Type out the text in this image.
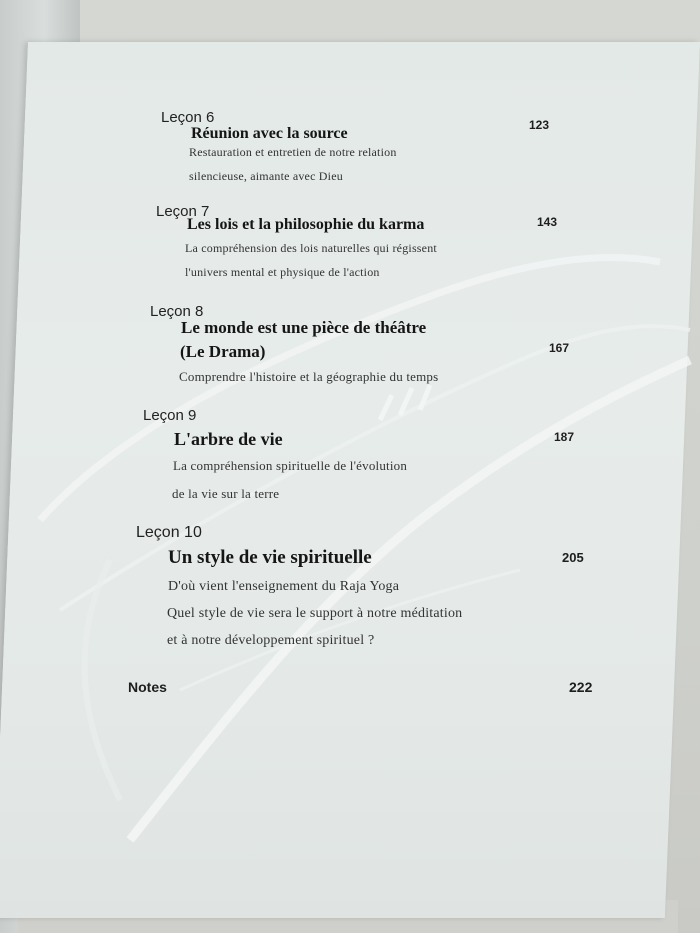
Leçon 6
Réunion avec la source	123
Restauration et entretien de notre relation
silencieuse, aimante avec Dieu
Leçon 7
Les lois et la philosophie du karma	143
La compréhension des lois naturelles qui régissent
l'univers mental et physique de l'action
Leçon 8
Le monde est une pièce de théâtre
(Le Drama)	167
Comprendre l'histoire et la géographie du temps
Leçon 9
L'arbre de vie	187
La compréhension spirituelle de l'évolution
de la vie sur la terre
Leçon 10
Un style de vie spirituelle	205
D'où vient l'enseignement du Raja Yoga
Quel style de vie sera le support à notre méditation
et à notre développement spirituel ?
Notes	222
